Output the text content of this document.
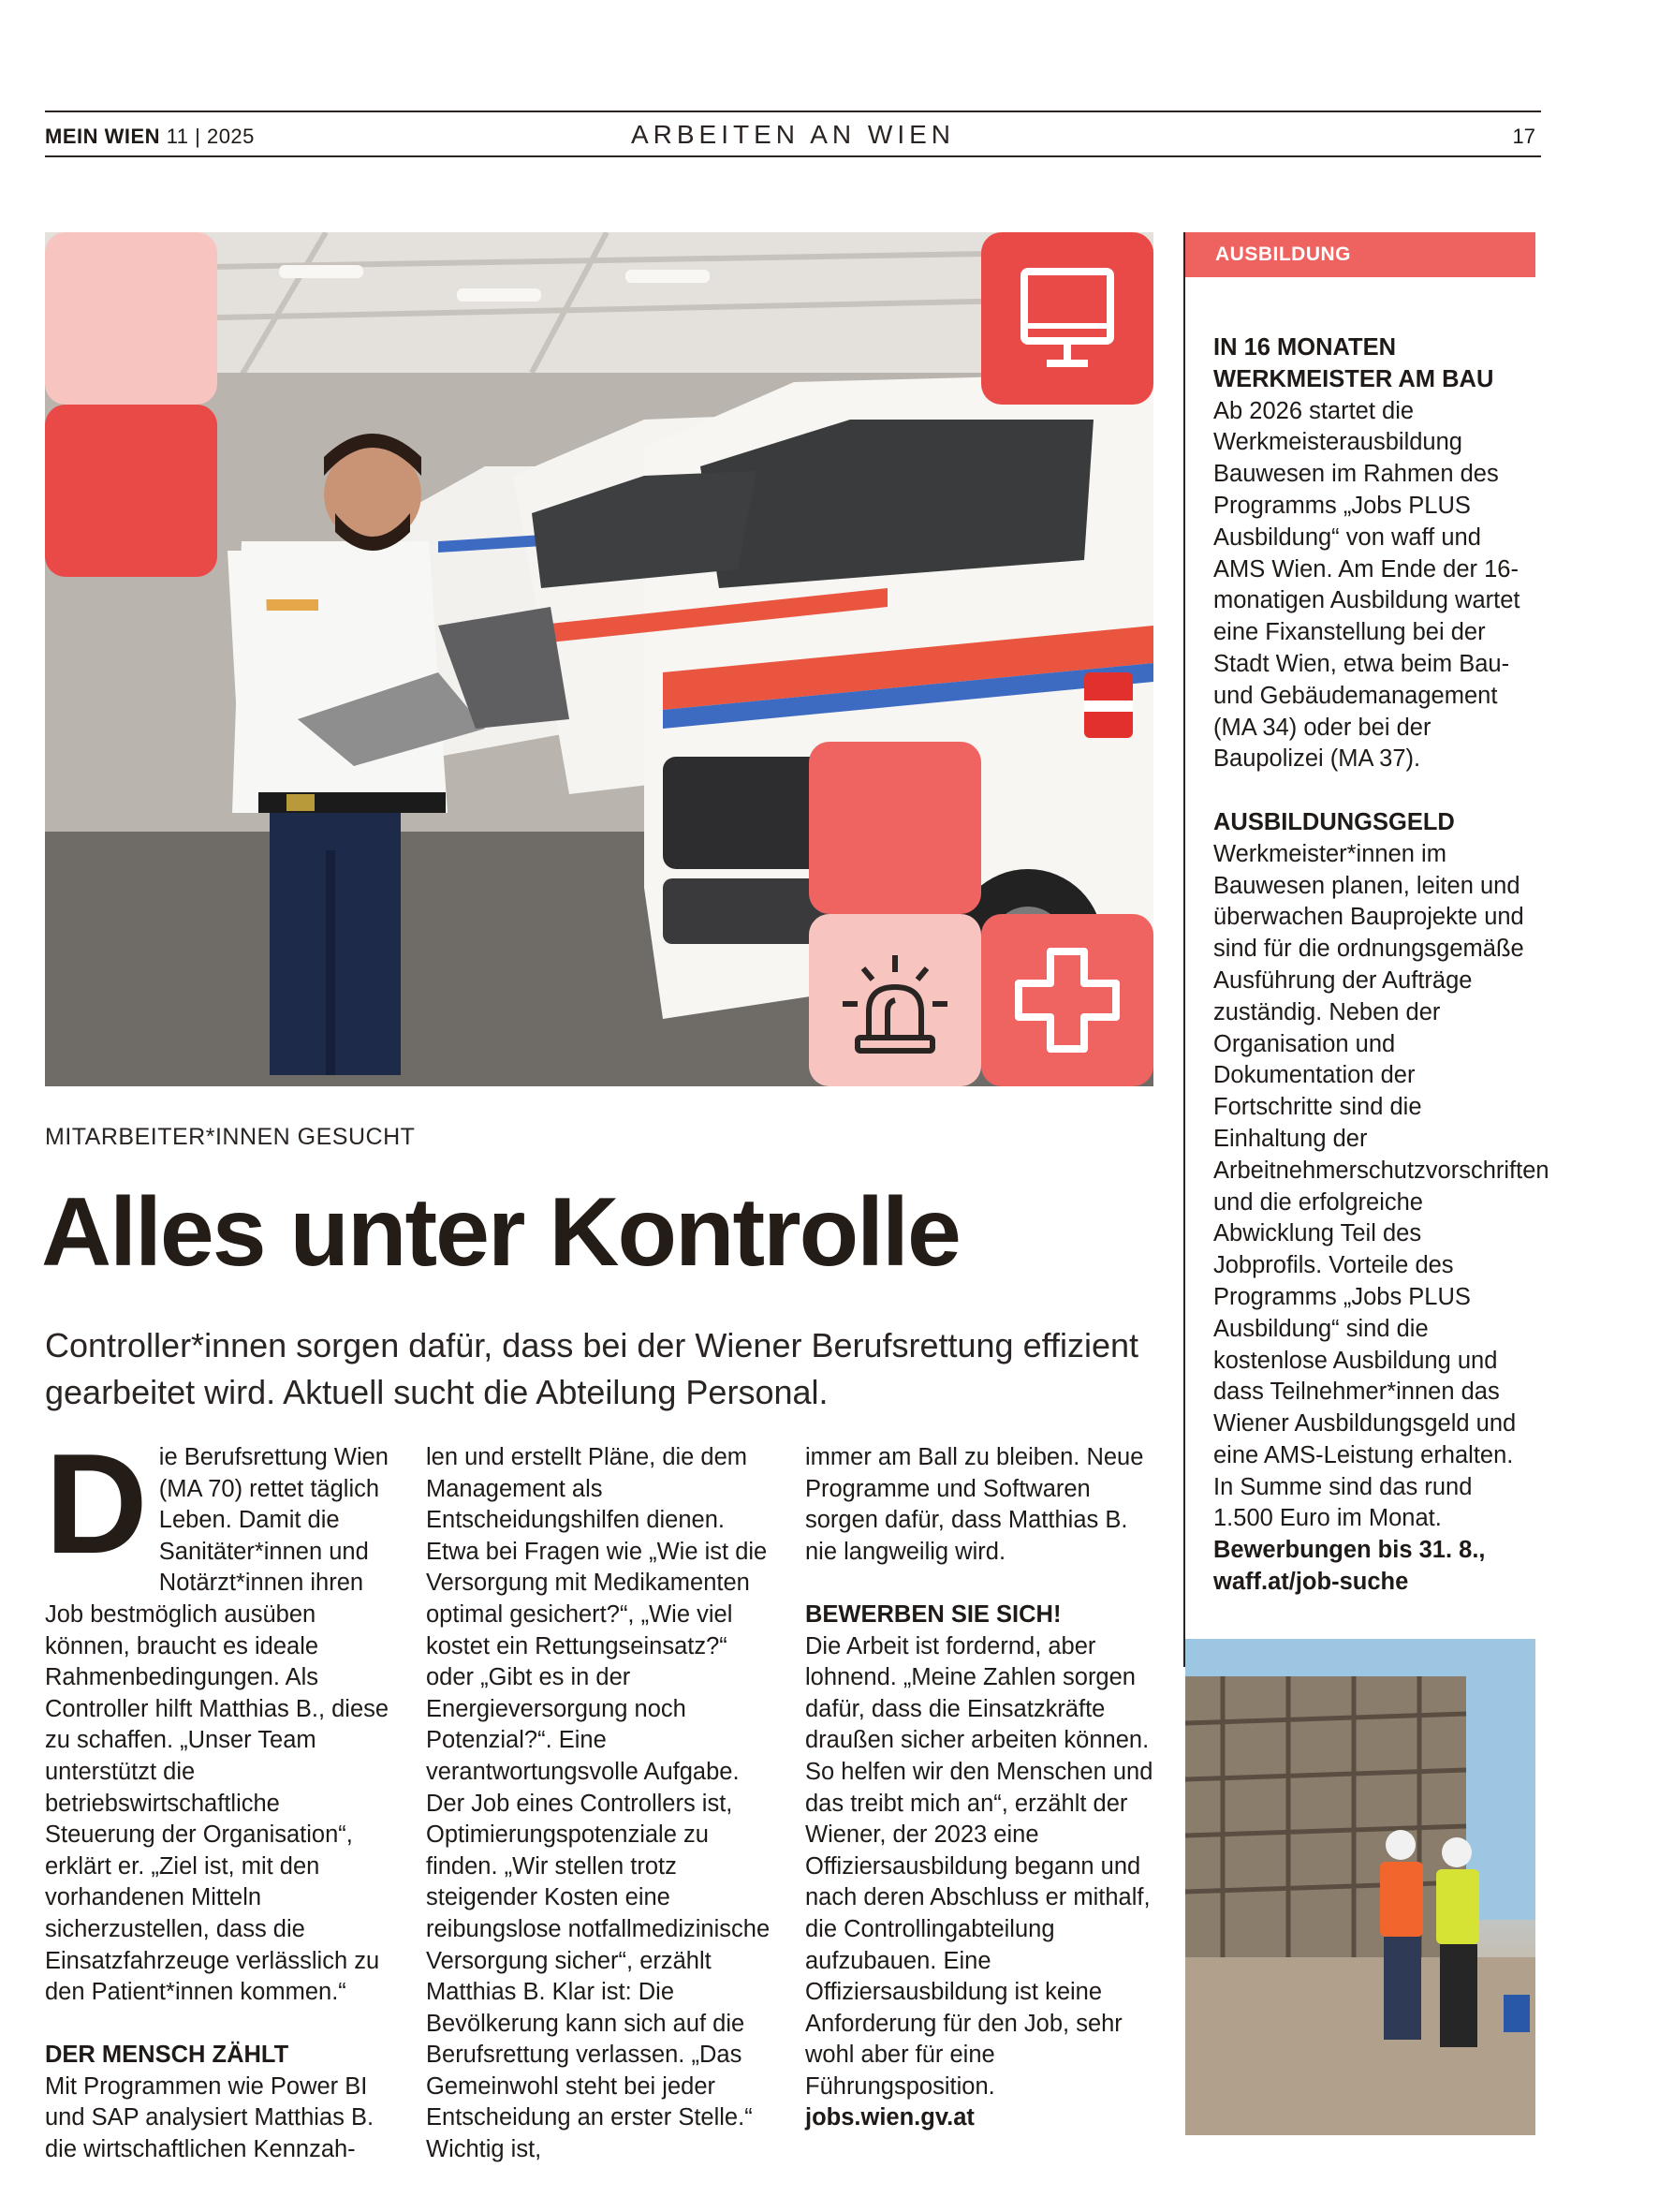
MEIN WIEN 11 | 2025	ARBEITEN AN WIEN	17
MITARBEITER*INNEN GESUCHT
Alles unter Kontrolle
Controller*innen sorgen dafür, dass bei der Wiener Berufsrettung effizient gearbeitet wird. Aktuell sucht die Abteilung Personal.
D ie Berufsrettung Wien (MA 70) rettet täglich Leben. Damit die Sanitäter*innen und Notärzt*innen ihren Job bestmöglich ausüben können, braucht es ideale Rahmenbedingungen. Als Controller hilft Matthias B., diese zu schaffen. „Unser Team unterstützt die betriebswirtschaftliche Steuerung der Organisation“, erklärt er. „Ziel ist, mit den vorhandenen Mitteln sicherzustellen, dass die Einsatzfahrzeuge verlässlich zu den Patient*innen kommen.“

DER MENSCH ZÄHLT

Mit Programmen wie Power BI und SAP analysiert Matthias B. die wirtschaftlichen Kennzah-

len und erstellt Pläne, die dem Management als Entscheidungshilfen dienen. Etwa bei Fragen wie „Wie ist die Versorgung mit Medikamenten optimal gesichert?“, „Wie viel kostet ein Rettungseinsatz?“ oder „Gibt es in der Energieversorgung noch Potenzial?“. Eine verantwortungsvolle Aufgabe. Der Job eines Controllers ist, Optimierungspotenziale zu finden. „Wir stellen trotz steigender Kosten eine reibungslose notfallmedizinische Versorgung sicher“, erzählt Matthias B. Klar ist: Die Bevölkerung kann sich auf die Berufsrettung verlassen. „Das Gemeinwohl steht bei jeder Entscheidung an erster Stelle.“ Wichtig ist,

immer am Ball zu bleiben. Neue Programme und Softwaren sorgen dafür, dass Matthias B. nie langweilig wird.

BEWERBEN SIE SICH!

Die Arbeit ist fordernd, aber lohnend. „Meine Zahlen sorgen dafür, dass die Einsatzkräfte draußen sicher arbeiten können. So helfen wir den Menschen und das treibt mich an“, erzählt der Wiener, der 2023 eine Offiziersausbildung begann und nach deren Abschluss er mithalf, die Controllingabteilung aufzubauen. Eine Offiziersausbildung ist keine Anforderung für den Job, sehr wohl aber für eine Führungsposition.

jobs.wien.gv.at

AUSBILDUNG

IN 16 MONATEN WERKMEISTER AM BAU

Ab 2026 startet die Werkmeisterausbildung Bauwesen im Rahmen des Programms „Jobs PLUS Ausbildung“ von waff und AMS Wien. Am Ende der 16-monatigen Ausbildung wartet eine Fixanstellung bei der Stadt Wien, etwa beim Bau- und Gebäudemanagement (MA 34) oder bei der Baupolizei (MA 37).

AUSBILDUNGSGELD

Werkmeister*innen im Bauwesen planen, leiten und überwachen Bauprojekte und sind für die ordnungsgemäße Ausführung der Aufträge zuständig. Neben der Organisation und Dokumentation der Fortschritte sind die Einhaltung der Arbeitnehmerschutzvorschriften und die erfolgreiche Abwicklung Teil des Jobprofils. Vorteile des Programms „Jobs PLUS Ausbildung“ sind die kostenlose Ausbildung und dass Teilnehmer*innen das Wiener Ausbildungsgeld und eine AMS-Leistung erhalten. In Summe sind das rund 1.500 Euro im Monat.

Bewerbungen bis 31. 8., waff.at/job-suche
